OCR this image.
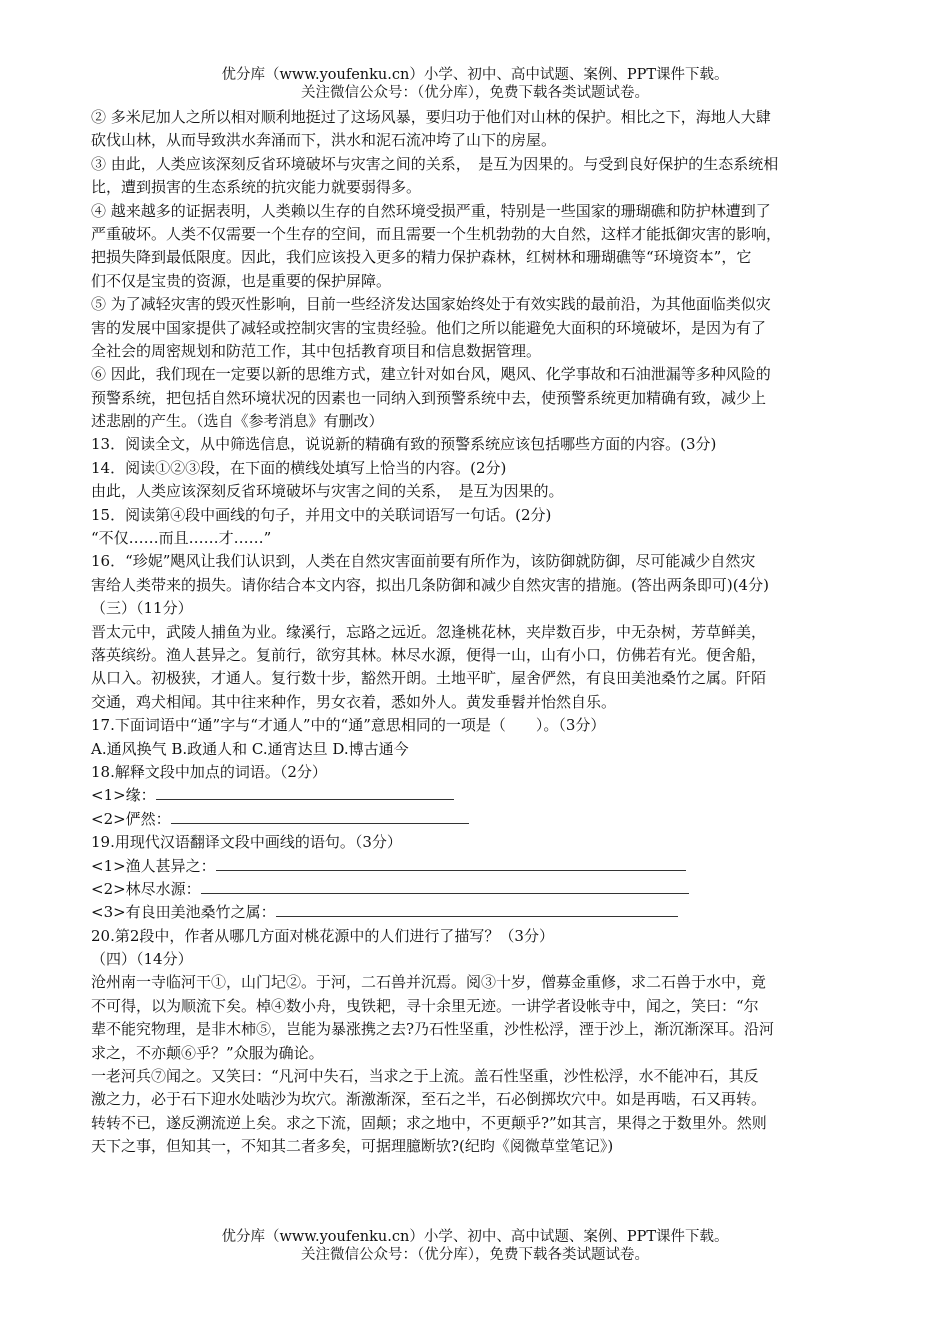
优分库（www.youfenku.cn）小学、初中、高中试题、案例、PPT课件下载。
关注微信公众号：（优分库），免费下载各类试题试卷。
② 多米尼加人之所以相对顺利地挺过了这场风暴，要归功于他们对山林的保护。相比之下，海地人大肆
砍伐山林，从而导致洪水奔涌而下，洪水和泥石流冲垮了山下的房屋。
③ 由此，人类应该深刻反省环境破坏与灾害之间的关系，　是互为因果的。与受到良好保护的生态系统相
比，遭到损害的生态系统的抗灾能力就要弱得多。
④ 越来越多的证据表明，人类赖以生存的自然环境受损严重，特别是一些国家的珊瑚礁和防护林遭到了
严重破坏。人类不仅需要一个生存的空间，而且需要一个生机勃勃的大自然，这样才能抵御灾害的影响，
把损失降到最低限度。因此，我们应该投入更多的精力保护森林，红树林和珊瑚礁等“环境资本”，它
们不仅是宝贵的资源，也是重要的保护屏障。
⑤ 为了减轻灾害的毁灭性影响，目前一些经济发达国家始终处于有效实践的最前沿，为其他面临类似灾
害的发展中国家提供了减轻或控制灾害的宝贵经验。他们之所以能避免大面积的环境破坏，是因为有了
全社会的周密规划和防范工作，其中包括教育项目和信息数据管理。
⑥ 因此，我们现在一定要以新的思维方式，建立针对如台风，飓风、化学事故和石油泄漏等多种风险的
预警系统，把包括自然环境状况的因素也一同纳入到预警系统中去，使预警系统更加精确有致，减少上
述悲剧的产生。（选自《参考消息》有删改）
13．阅读全文，从中筛选信息，说说新的精确有致的预警系统应该包括哪些方面的内容。(3分)
14．阅读①②③段，在下面的横线处填写上恰当的内容。(2分)
由此，人类应该深刻反省环境破坏与灾害之间的关系，　是互为因果的。
15．阅读第④段中画线的句子，并用文中的关联词语写一句话。(2分)
“不仅……而且……才……”
16．“珍妮”飓风让我们认识到，人类在自然灾害面前要有所作为，该防御就防御，尽可能减少自然灾
害给人类带来的损失。请你结合本文内容，拟出几条防御和减少自然灾害的措施。(答出两条即可)(4分)
（三）（11分）
晋太元中，武陵人捕鱼为业。缘溪行，忘路之远近。忽逢桃花林，夹岸数百步，中无杂树，芳草鲜美，
落英缤纷。渔人甚异之。复前行，欲穷其林。林尽水源，便得一山，山有小口，仿佛若有光。便舍船，
从口入。初极狭，才通人。复行数十步，豁然开朗。土地平旷，屋舍俨然，有良田美池桑竹之属。阡陌
交通，鸡犬相闻。其中往来种作，男女衣着，悉如外人。黄发垂髫并怡然自乐。
17.下面词语中“通”字与“才通人”中的“通”意思相同的一项是（　　）。（3分）
A.通风换气 B.政通人和 C.通宵达旦 D.博古通今
18.解释文段中加点的词语。（2分）
<1>缘：
<2>俨然：
19.用现代汉语翻译文段中画线的语句。（3分）
<1>渔人甚异之：
<2>林尽水源：
<3>有良田美池桑竹之属：
20.第2段中，作者从哪几方面对桃花源中的人们进行了描写？（3分）
（四）（14分）
沧州南一寺临河干①，山门圮②。于河，二石兽并沉焉。阅③十岁，僧募金重修，求二石兽于水中，竟
不可得，以为顺流下矣。棹④数小舟，曳铁耙，寻十余里无迹。一讲学者设帐寺中，闻之，笑曰：“尔
辈不能究物理，是非木柿⑤，岂能为暴涨携之去?乃石性坚重，沙性松浮，湮于沙上，渐沉渐深耳。沿河
求之，不亦颠⑥乎？”众服为确论。
一老河兵⑦闻之。又笑曰：“凡河中失石，当求之于上流。盖石性坚重，沙性松浮，水不能冲石，其反
激之力，必于石下迎水处啮沙为坎穴。渐激渐深，至石之半，石必倒掷坎穴中。如是再啮，石又再转。
转转不已，遂反溯流逆上矣。求之下流，固颠；求之地中，不更颠乎?”如其言，果得之于数里外。然则
天下之事，但知其一，不知其二者多矣，可据理臆断欤?(纪昀《阅微草堂笔记》)
优分库（www.youfenku.cn）小学、初中、高中试题、案例、PPT课件下载。
关注微信公众号：（优分库），免费下载各类试题试卷。
